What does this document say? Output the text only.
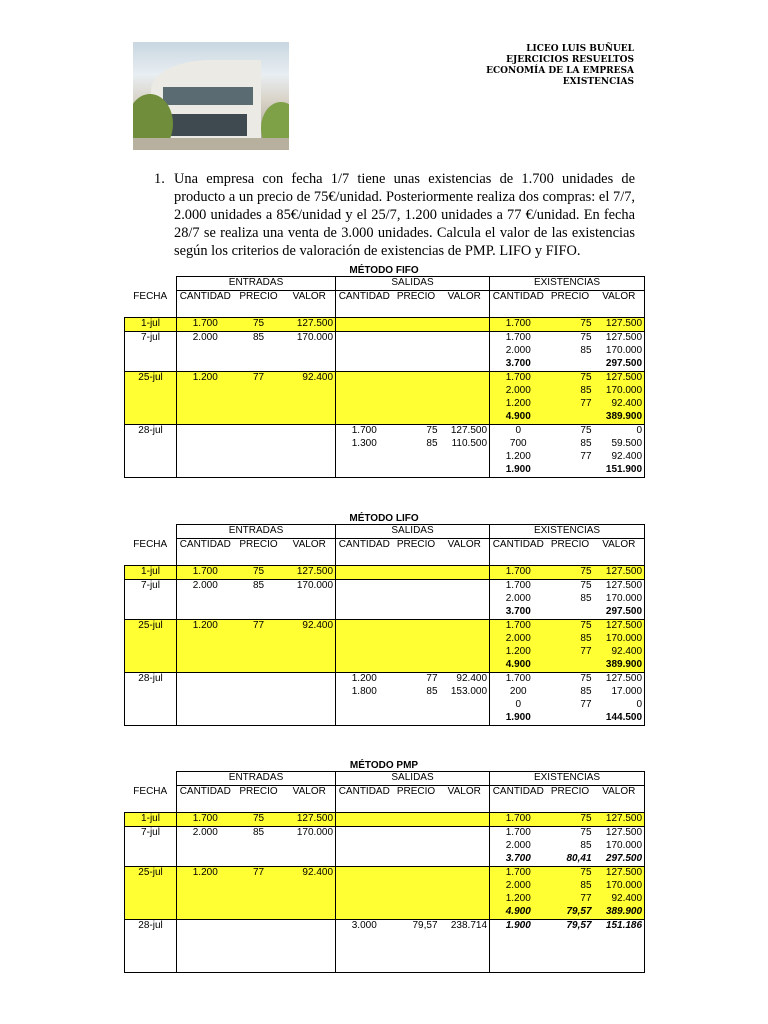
LICEO LUIS BUÑUEL
EJERCICIOS RESUELTOS
ECONOMÍA DE LA EMPRESA
EXISTENCIAS
1. Una empresa con fecha 1/7 tiene unas existencias de 1.700 unidades de producto a un precio de 75€/unidad. Posteriormente realiza dos compras: el 7/7, 2.000 unidades a 85€/unidad y el 25/7, 1.200 unidades a 77 €/unidad. En fecha 28/7 se realiza una venta de 3.000 unidades. Calcula el valor de las existencias según los criterios de valoración de existencias de PMP. LIFO y FIFO.
MÉTODO FIFO
	ENTRADAS			SALIDAS			EXISTENCIAS		
FECHA	CANTIDAD	PRECIO	VALOR	CANTIDAD	PRECIO	VALOR	CANTIDAD	PRECIO	VALOR

1-jul	1.700	75	127.500				1.700	75	127.500
7-jul	2.000	85	170.000				1.700	75	127.500
							2.000	85	170.000
							3.700		297.500
25-jul	1.200	77	92.400				1.700	75	127.500
							2.000	85	170.000
							1.200	77	92.400
							4.900		389.900
28-jul				1.700	75	127.500	0	75	0
				1.300	85	110.500	700	85	59.500
							1.200	77	92.400
							1.900		151.900
MÉTODO LIFO
	ENTRADAS			SALIDAS			EXISTENCIAS		
FECHA	CANTIDAD	PRECIO	VALOR	CANTIDAD	PRECIO	VALOR	CANTIDAD	PRECIO	VALOR

1-jul	1.700	75	127.500				1.700	75	127.500
7-jul	2.000	85	170.000				1.700	75	127.500
							2.000	85	170.000
							3.700		297.500
25-jul	1.200	77	92.400				1.700	75	127.500
							2.000	85	170.000
							1.200	77	92.400
							4.900		389.900
28-jul				1.200	77	92.400	1.700	75	127.500
				1.800	85	153.000	200	85	17.000
							0	77	0
							1.900		144.500
MÉTODO PMP
	ENTRADAS			SALIDAS			EXISTENCIAS		
FECHA	CANTIDAD	PRECIO	VALOR	CANTIDAD	PRECIO	VALOR	CANTIDAD	PRECIO	VALOR

1-jul	1.700	75	127.500				1.700	75	127.500
7-jul	2.000	85	170.000				1.700	75	127.500
							2.000	85	170.000
							3.700	80,41	297.500
25-jul	1.200	77	92.400				1.700	75	127.500
							2.000	85	170.000
							1.200	77	92.400
							4.900	79,57	389.900
28-jul				3.000	79,57	238.714	1.900	79,57	151.186
